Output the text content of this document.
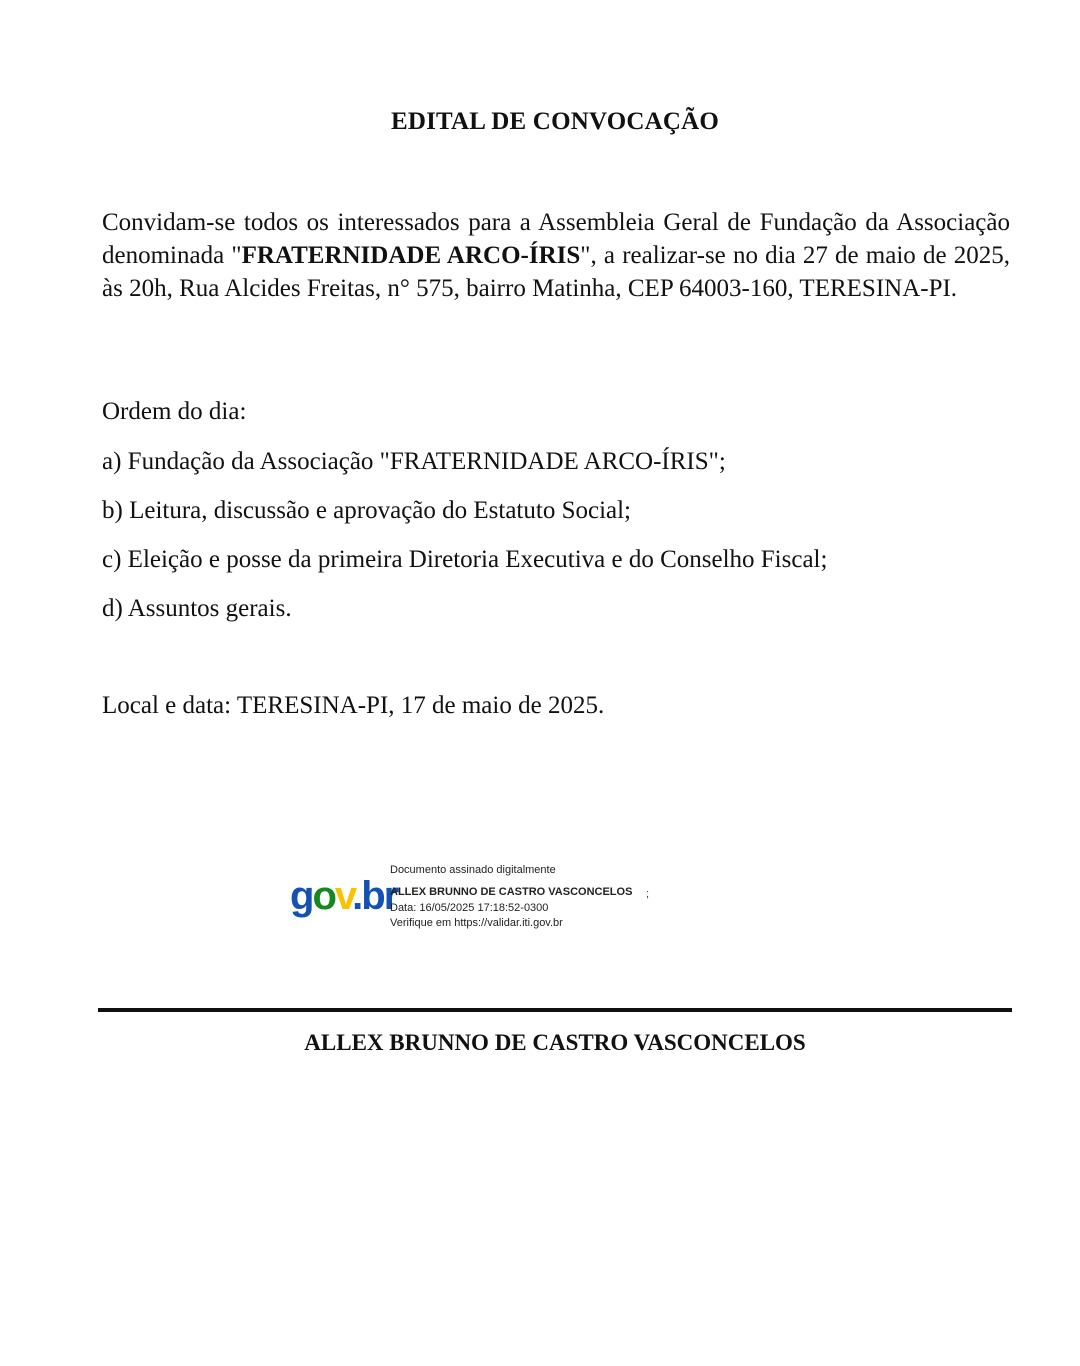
EDITAL DE CONVOCAÇÃO

Convidam-se todos os interessados para a Assembleia Geral de Fundação da Associação denominada "FRATERNIDADE ARCO-ÍRIS", a realizar-se no dia 27 de maio de 2025, às 20h, Rua Alcides Freitas, n° 575, bairro Matinha, CEP 64003-160, TERESINA-PI.

Ordem do dia:

a) Fundação da Associação "FRATERNIDADE ARCO-ÍRIS";

b) Leitura, discussão e aprovação do Estatuto Social;

c) Eleição e posse da primeira Diretoria Executiva e do Conselho Fiscal;

d) Assuntos gerais.

Local e data: TERESINA-PI, 17 de maio de 2025.

gov.br
Documento assinado digitalmente
ALLEX BRUNNO DE CASTRO VASCONCELOS
Data: 16/05/2025 17:18:52-0300
Verifique em https://validar.iti.gov.br
;
ALLEX BRUNNO DE CASTRO VASCONCELOS
